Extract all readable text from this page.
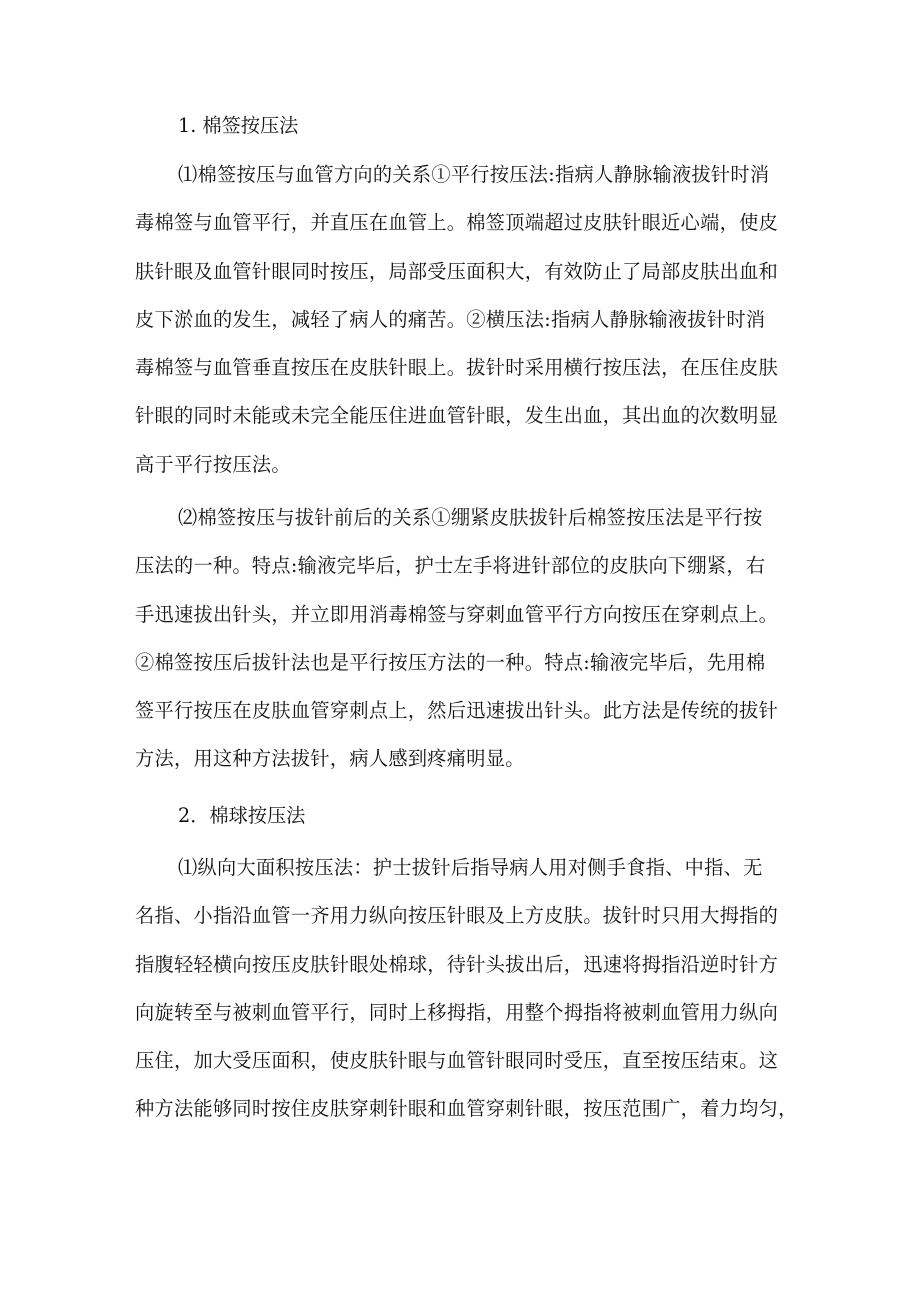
1. 棉签按压法

⑴棉签按压与血管方向的关系①平行按压法:指病人静脉输液拔针时消
毒棉签与血管平行，并直压在血管上。棉签顶端超过皮肤针眼近心端，使皮
肤针眼及血管针眼同时按压，局部受压面积大，有效防止了局部皮肤出血和
皮下淤血的发生，减轻了病人的痛苦。②横压法:指病人静脉输液拔针时消
毒棉签与血管垂直按压在皮肤针眼上。拔针时采用横行按压法，在压住皮肤
针眼的同时未能或未完全能压住进血管针眼，发生出血，其出血的次数明显
高于平行按压法。
⑵棉签按压与拔针前后的关系①绷紧皮肤拔针后棉签按压法是平行按
压法的一种。特点:输液完毕后，护士左手将进针部位的皮肤向下绷紧，右
手迅速拔出针头，并立即用消毒棉签与穿刺血管平行方向按压在穿刺点上。
②棉签按压后拔针法也是平行按压方法的一种。特点:输液完毕后，先用棉
签平行按压在皮肤血管穿刺点上，然后迅速拔出针头。此方法是传统的拔针
方法，用这种方法拔针，病人感到疼痛明显。

2．棉球按压法

⑴纵向大面积按压法：护士拔针后指导病人用对侧手食指、中指、无
名指、小指沿血管一齐用力纵向按压针眼及上方皮肤。拔针时只用大拇指的
指腹轻轻横向按压皮肤针眼处棉球，待针头拔出后，迅速将拇指沿逆时针方
向旋转至与被刺血管平行，同时上移拇指，用整个拇指将被刺血管用力纵向
压住，加大受压面积，使皮肤针眼与血管针眼同时受压，直至按压结束。这
种方法能够同时按住皮肤穿刺针眼和血管穿刺针眼，按压范围广，着力均匀，
